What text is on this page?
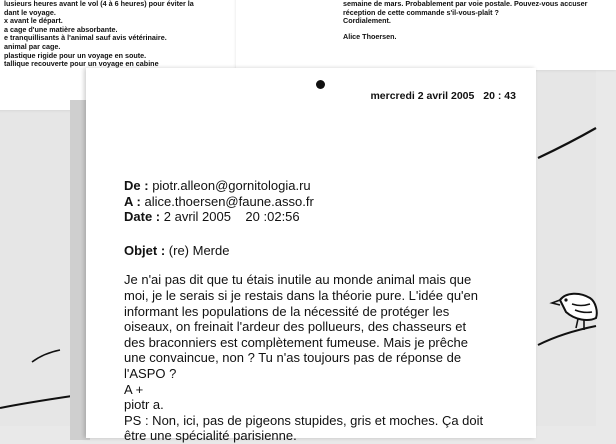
lusieurs heures avant le vol (4 à 6 heures) pour éviter la
dant le voyage.
x avant le départ.
a cage d'une matière absorbante.
e tranquillisants à l'animal sauf avis vétérinaire.
animal par cage.
plastique rigide pour un voyage en soute.
tallique recouverte pour un voyage en cabine
semaine de mars. Probablement par voie postale. Pouvez-vous accuser
réception de cette commande s'il-vous-plaît ?
Cordialement.
Alice Thoersen.
mercredi 2 avril 2005 20 : 43
De : piotr.alleon@gornitologia.ru
A : alice.thoersen@faune.asso.fr
Date : 2 avril 2005 20 :02:56
Objet : (re) Merde

Je n'ai pas dit que tu étais inutile au monde animal mais que

moi, je le serais si je restais dans la théorie pure. L'idée qu'en

informant les populations de la nécessité de protéger les

oiseaux, on freinait l'ardeur des pollueurs, des chasseurs et

des braconniers est complètement fumeuse. Mais je prêche

une convaincue, non ? Tu n'as toujours pas de réponse de

l'ASPO ?

A +

piotr a.

PS : Non, ici, pas de pigeons stupides, gris et moches. Ça doit

être une spécialité parisienne.
